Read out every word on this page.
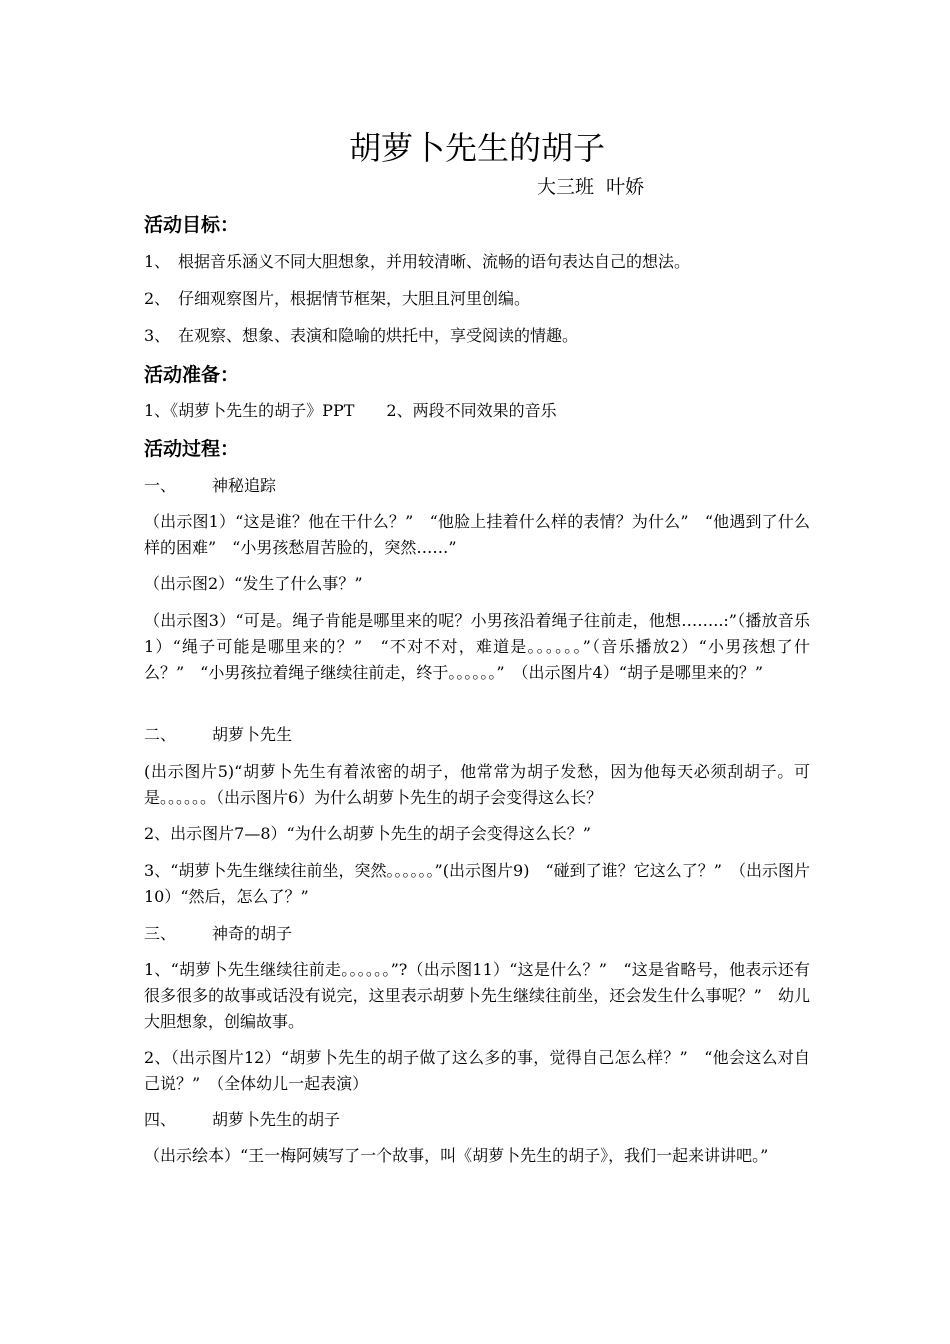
胡萝卜先生的胡子
大三班  叶娇
活动目标：

1、 根据音乐涵义不同大胆想象，并用较清晰、流畅的语句表达自己的想法。

2、 仔细观察图片，根据情节框架，大胆且河里创编。

3、 在观察、想象、表演和隐喻的烘托中，享受阅读的情趣。

活动准备：

1、《胡萝卜先生的胡子》PPT 2、两段不同效果的音乐

活动过程：

一、 神秘追踪

（出示图1）“这是谁？他在干什么？”　“他脸上挂着什么样的表情？为什么”　“他遇到了什么样的困难”　“小男孩愁眉苦脸的，突然……”

（出示图2）“发生了什么事？”

（出示图3）“可是。绳子肯能是哪里来的呢？小男孩沿着绳子往前走，他想……..:”（播放音乐1）“绳子可能是哪里来的？”　“不对不对，难道是。。。。。。”（音乐播放2）“小男孩想了什么？”　“小男孩拉着绳子继续往前走，终于。。。。。。”　（出示图片4）“胡子是哪里来的？”

二、 胡萝卜先生

(出示图片5)“胡萝卜先生有着浓密的胡子，他常常为胡子发愁，因为他每天必须刮胡子。可是。。。。。。（出示图片6）为什么胡萝卜先生的胡子会变得这么长？

2、出示图片7—8）“为什么胡萝卜先生的胡子会变得这么长？”

3、“胡萝卜先生继续往前坐，突然。。。。。。”(出示图片9)　“碰到了谁？它这么了？”　（出示图片10）“然后，怎么了？”

三、 神奇的胡子

1、“胡萝卜先生继续往前走。。。。。。”?（出示图11）“这是什么？”　“这是省略号，他表示还有很多很多的故事或话没有说完，这里表示胡萝卜先生继续往前坐，还会发生什么事呢？”　幼儿大胆想象，创编故事。

2、（出示图片12）“胡萝卜先生的胡子做了这么多的事，觉得自己怎么样？”　“他会这么对自己说？”　（全体幼儿一起表演）

四、 胡萝卜先生的胡子

（出示绘本）“王一梅阿姨写了一个故事，叫《胡萝卜先生的胡子》，我们一起来讲讲吧。”
